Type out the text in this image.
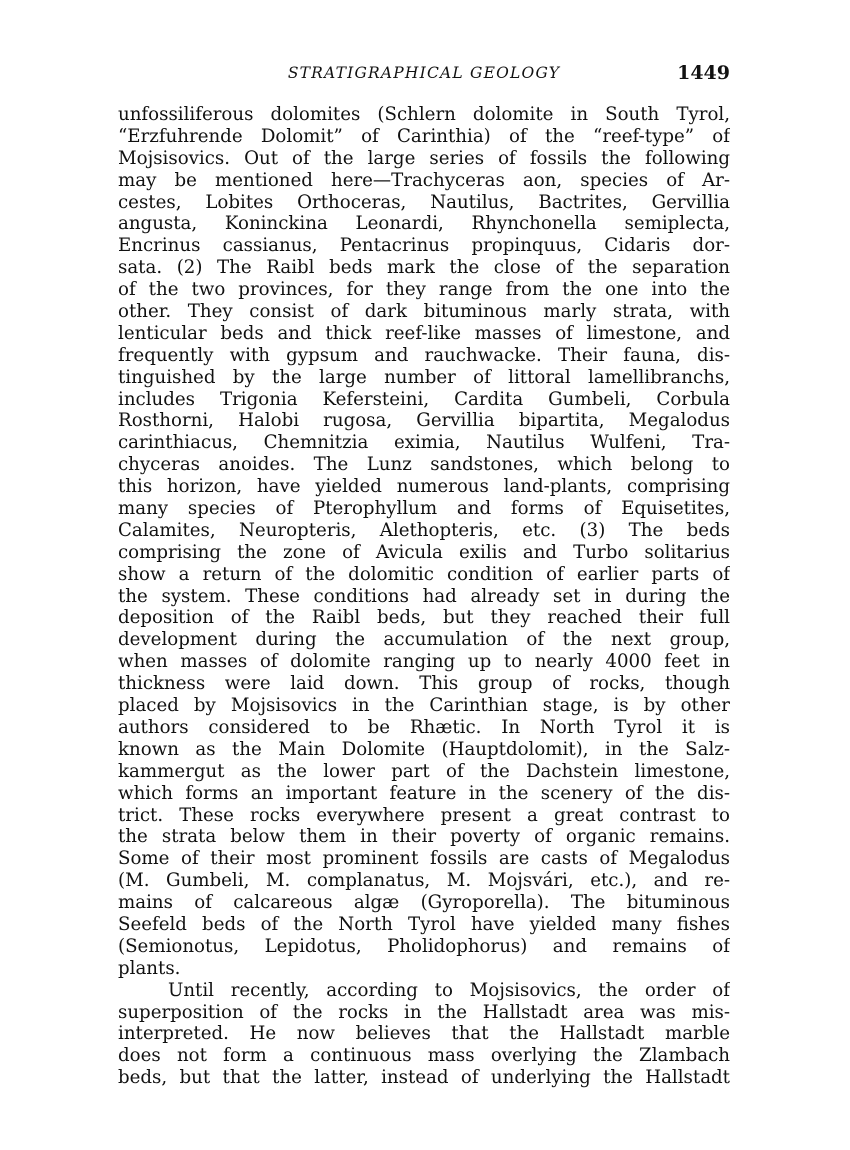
STRATIGRAPHICAL GEOLOGY	1449
unfossiliferous dolomites (Schlern dolomite in South Tyrol,
“Erzfuhrende Dolomit” of Carinthia) of the “reef-type” of
Mojsisovics. Out of the large series of fossils the following
may be mentioned here—Trachyceras aon, species of Ar-
cestes, Lobites Orthoceras, Nautilus, Bactrites, Gervillia
angusta, Koninckina Leonardi, Rhynchonella semiplecta,
Encrinus cassianus, Pentacrinus propinquus, Cidaris dor-
sata. (2) The Raibl beds mark the close of the separation
of the two provinces, for they range from the one into the
other. They consist of dark bituminous marly strata, with
lenticular beds and thick reef-like masses of limestone, and
frequently with gypsum and rauchwacke. Their fauna, dis-
tinguished by the large number of littoral lamellibranchs,
includes Trigonia Kefersteini, Cardita Gumbeli, Corbula
Rosthorni, Halobi rugosa, Gervillia bipartita, Megalodus
carinthiacus, Chemnitzia eximia, Nautilus Wulfeni, Tra-
chyceras anoides. The Lunz sandstones, which belong to
this horizon, have yielded numerous land-plants, comprising
many species of Pterophyllum and forms of Equisetites,
Calamites, Neuropteris, Alethopteris, etc. (3) The beds
comprising the zone of Avicula exilis and Turbo solitarius
show a return of the dolomitic condition of earlier parts of
the system. These conditions had already set in during the
deposition of the Raibl beds, but they reached their full
development during the accumulation of the next group,
when masses of dolomite ranging up to nearly 4000 feet in
thickness were laid down. This group of rocks, though
placed by Mojsisovics in the Carinthian stage, is by other
authors considered to be Rhætic. In North Tyrol it is
known as the Main Dolomite (Hauptdolomit), in the Salz-
kammergut as the lower part of the Dachstein limestone,
which forms an important feature in the scenery of the dis-
trict. These rocks everywhere present a great contrast to
the strata below them in their poverty of organic remains.
Some of their most prominent fossils are casts of Megalodus
(M. Gumbeli, M. complanatus, M. Mojsvári, etc.), and re-
mains of calcareous algæ (Gyroporella). The bituminous
Seefeld beds of the North Tyrol have yielded many fishes
(Semionotus, Lepidotus, Pholidophorus) and remains of
plants.
Until recently, according to Mojsisovics, the order of
superposition of the rocks in the Hallstadt area was mis-
interpreted. He now believes that the Hallstadt marble
does not form a continuous mass overlying the Zlambach
beds, but that the latter, instead of underlying the Hallstadt
